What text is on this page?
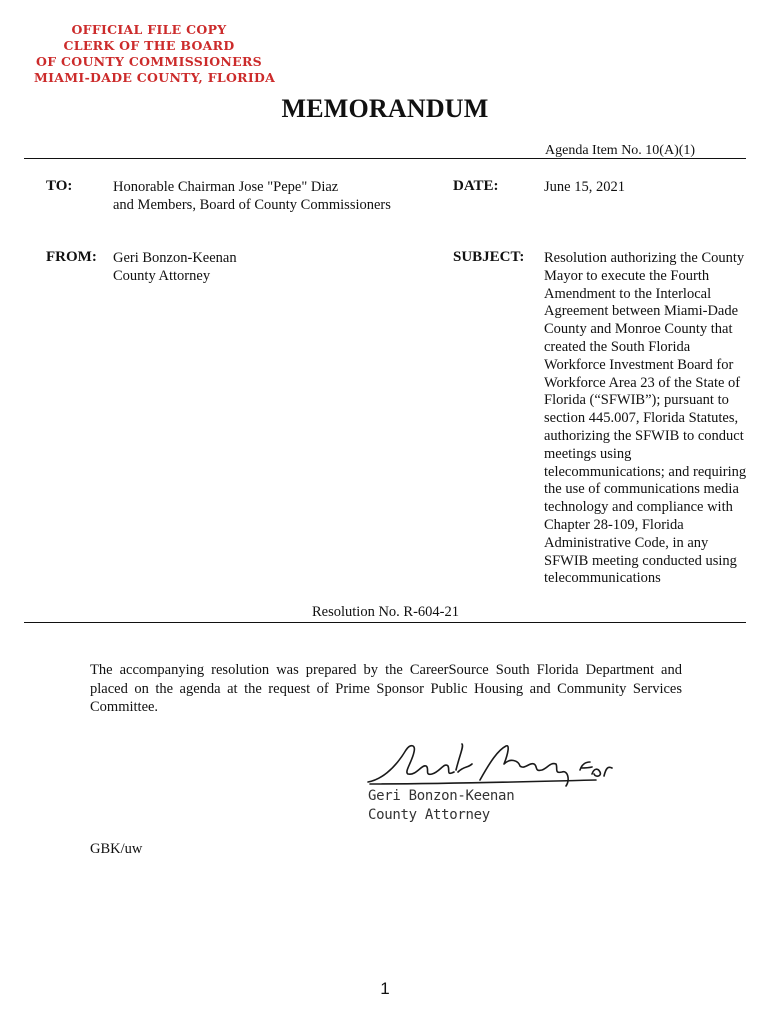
OFFICIAL FILE COPY
CLERK OF THE BOARD
OF COUNTY COMMISSIONERS
MIAMI-DADE COUNTY, FLORIDA
MEMORANDUM
Agenda Item No. 10(A)(1)
TO:	Honorable Chairman Jose "Pepe" Diaz
and Members, Board of County Commissioners
DATE:	June 15, 2021
FROM: Geri Bonzon-Keenan
County Attorney
SUBJECT: Resolution authorizing the County Mayor to execute the Fourth Amendment to the Interlocal Agreement between Miami-Dade County and Monroe County that created the South Florida Workforce Investment Board for Workforce Area 23 of the State of Florida (“SFWIB”); pursuant to section 445.007, Florida Statutes, authorizing the SFWIB to conduct meetings using telecommunications; and requiring the use of communications media technology and compliance with Chapter 28-109, Florida Administrative Code, in any SFWIB meeting conducted using telecommunications
Resolution No. R-604-21
The accompanying resolution was prepared by the CareerSource South Florida Department and placed on the agenda at the request of Prime Sponsor Public Housing and Community Services Committee.
Geri Bonzon-Keenan
County Attorney
GBK/uw
1
